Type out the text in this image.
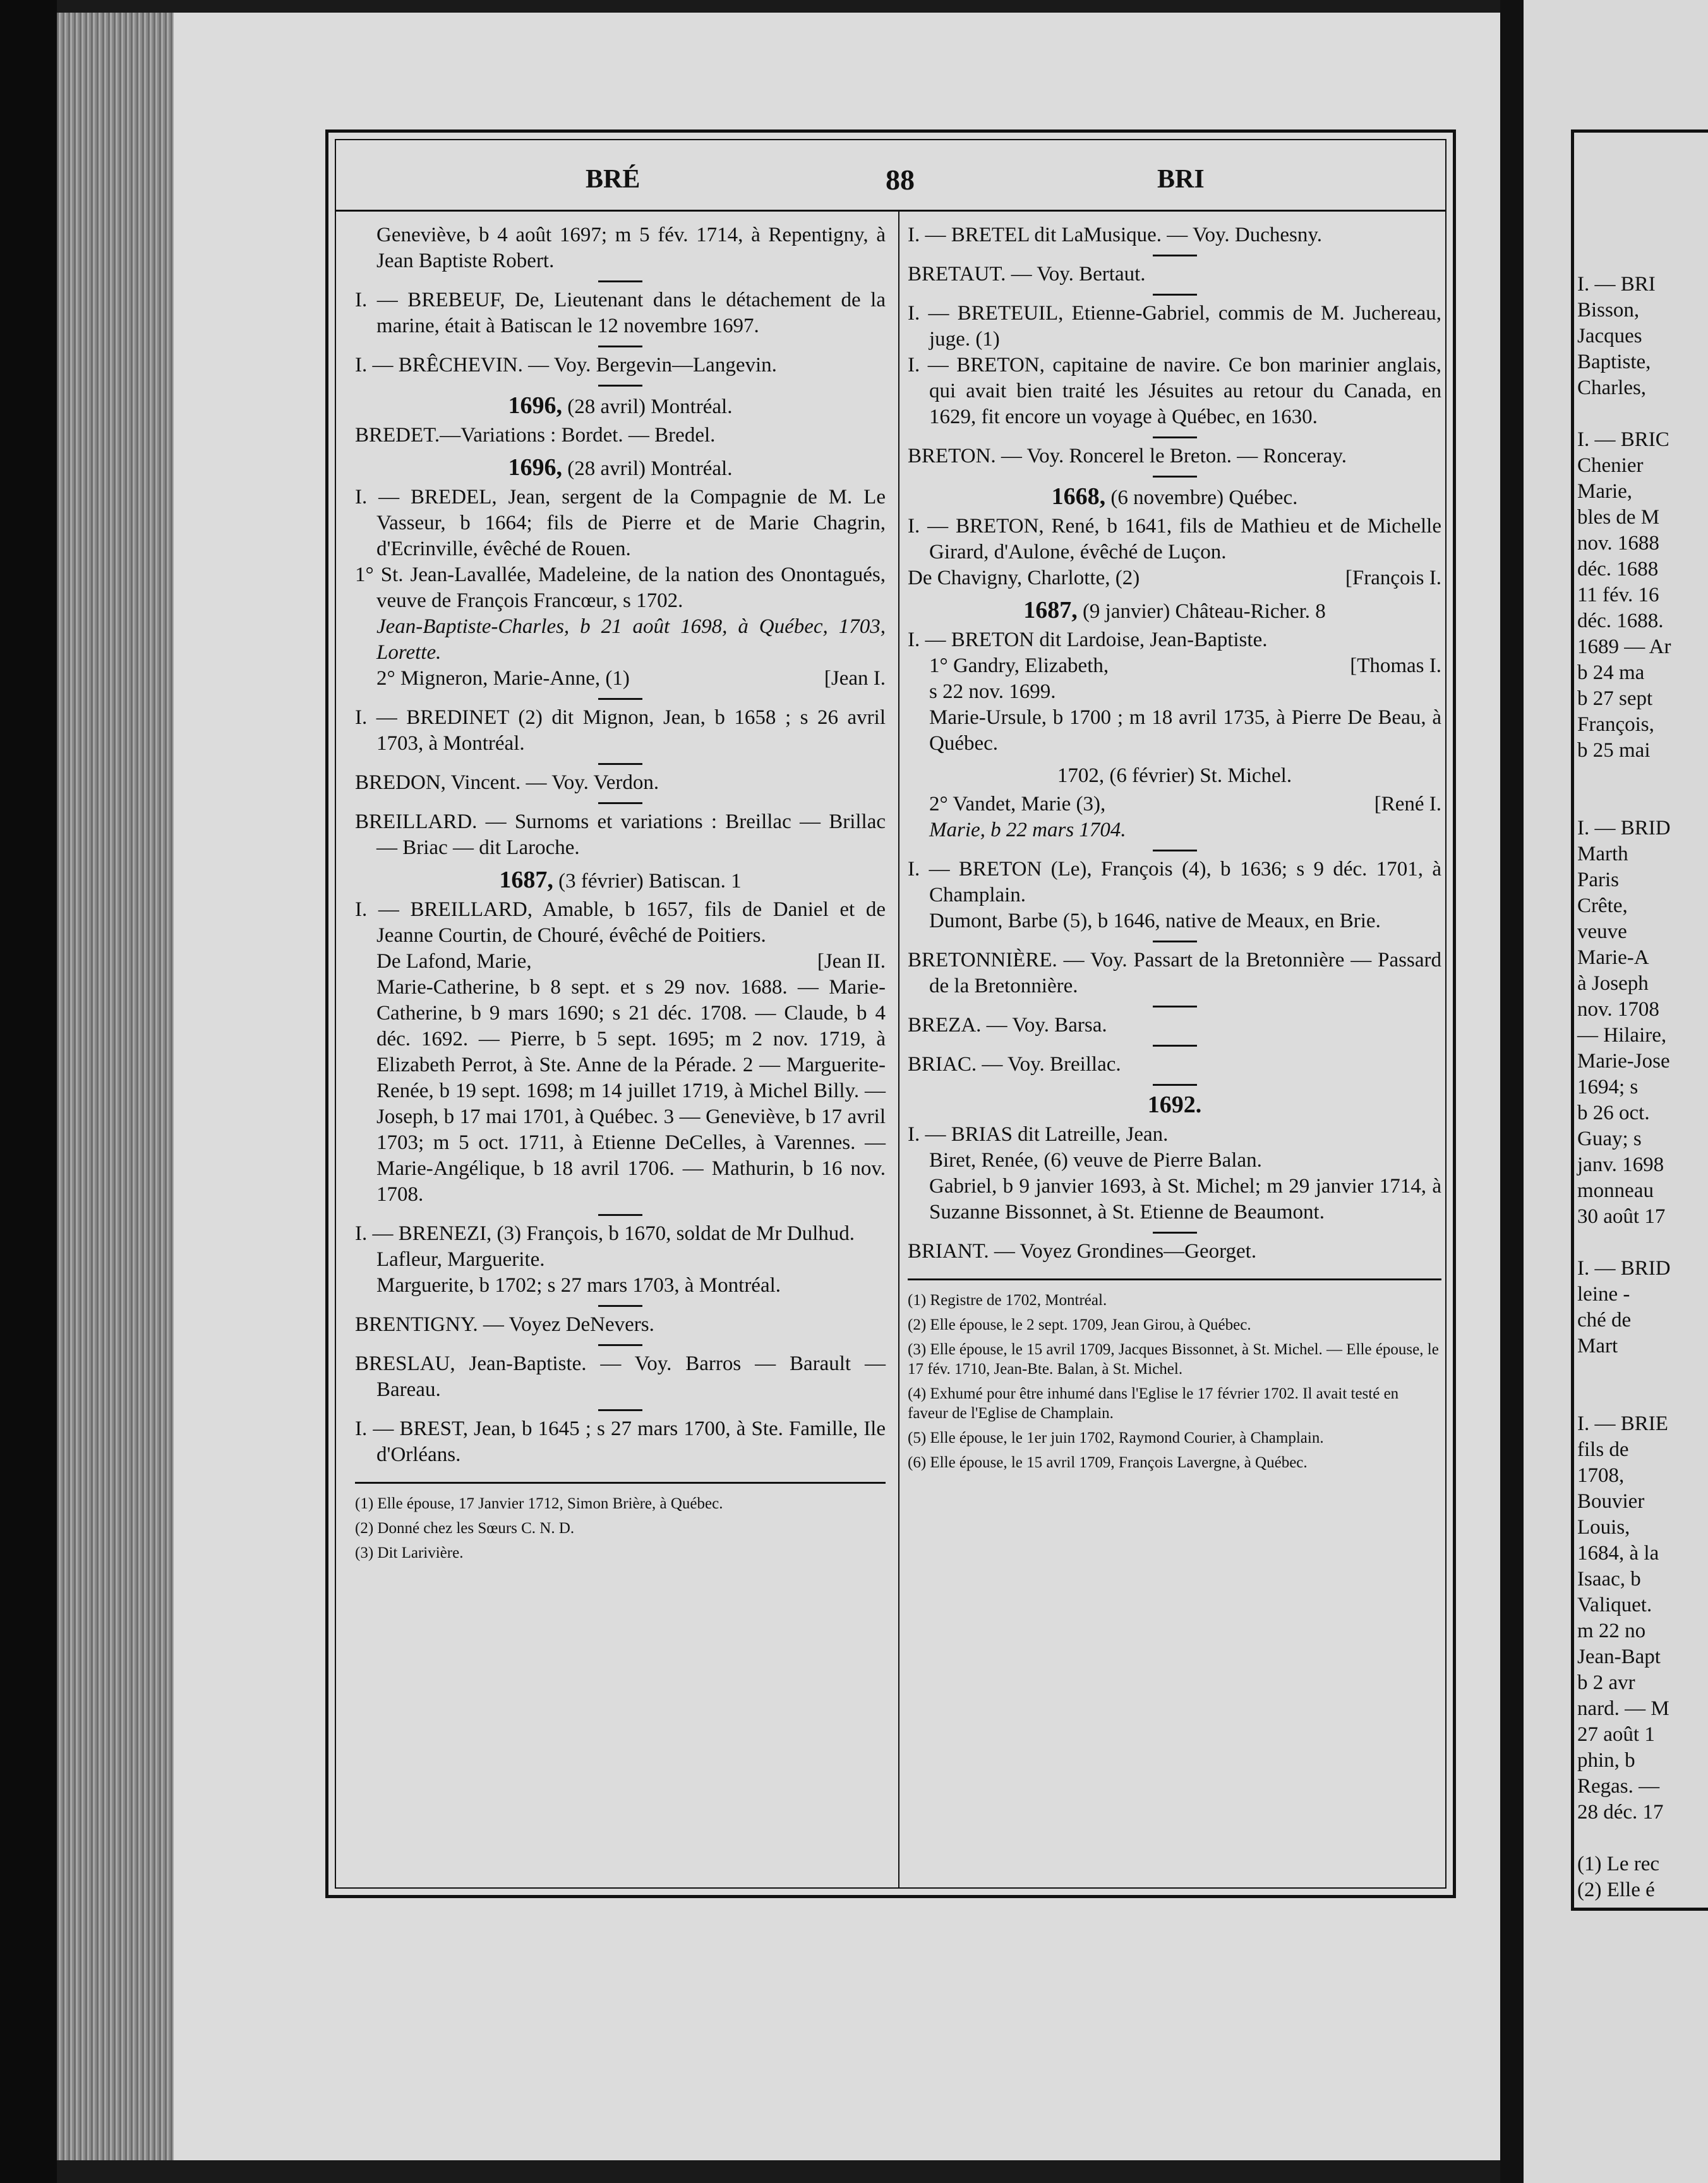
I. — BRI
Bisson,
Jacques
Baptiste,
Charles,

I. — BRIC
Chenier
Marie,
bles de M
nov. 1688
déc. 1688
11 fév. 16
déc. 1688.
1689 — Ar
b 24 ma
b 27 sept
François,
b 25 mai

I. — BRID
Marth
Paris
Crête,
veuve
Marie-A
à Joseph
nov. 1708
— Hilaire,
Marie-Jose
1694; s
b 26 oct.
Guay; s
janv. 1698
monneau
30 août 17

I. — BRID
leine -
ché de
Mart

I. — BRIE
fils de
1708,
Bouvier
Louis,
1684, à la
Isaac, b
Valiquet.
m 22 no
Jean-Bapt
b 2 avr
nard. — M
27 août 1
phin, b
Regas. —
28 déc. 17

(1) Le rec
(2) Elle é
BRÉ	88	BRI

Geneviève, b 4 août 1697; m 5 fév. 1714, à Repentigny, à Jean Baptiste Robert.

I. — BREBEUF, De, Lieutenant dans le détachement de la marine, était à Batiscan le 12 novembre 1697.

I. — BRÊCHEVIN. — Voy. Bergevin—Langevin.

1696, (28 avril) Montréal.

BREDET.—Variations : Bordet. — Bredel.

1696, (28 avril) Montréal.

I. — BREDEL, Jean, sergent de la Compagnie de M. Le Vasseur, b 1664; fils de Pierre et de Marie Chagrin, d'Ecrinville, évêché de Rouen.

1° St. Jean-Lavallée, Madeleine, de la nation des Onontagués, veuve de François Francœur, s 1702.

Jean-Baptiste-Charles, b 21 août 1698, à Québec, 1703, Lorette.

2° Migneron, Marie-Anne, (1)	[Jean I.

I. — BREDINET (2) dit Mignon, Jean, b 1658 ; s 26 avril 1703, à Montréal.

BREDON, Vincent. — Voy. Verdon.

BREILLARD. — Surnoms et variations : Breillac — Brillac — Briac — dit Laroche.

1687, (3 février) Batiscan. 1

I. — BREILLARD, Amable, b 1657, fils de Daniel et de Jeanne Courtin, de Chouré, évêché de Poitiers.

De Lafond, Marie,	[Jean II.

Marie-Catherine, b 8 sept. et s 29 nov. 1688. — Marie-Catherine, b 9 mars 1690; s 21 déc. 1708. — Claude, b 4 déc. 1692. — Pierre, b 5 sept. 1695; m 2 nov. 1719, à Elizabeth Perrot, à Ste. Anne de la Pérade. 2 — Marguerite-Renée, b 19 sept. 1698; m 14 juillet 1719, à Michel Billy. — Joseph, b 17 mai 1701, à Québec. 3 — Geneviève, b 17 avril 1703; m 5 oct. 1711, à Etienne DeCelles, à Varennes. — Marie-Angélique, b 18 avril 1706. — Mathurin, b 16 nov. 1708.

I. — BRENEZI, (3) François, b 1670, soldat de Mr Dulhud.

Lafleur, Marguerite.

Marguerite, b 1702; s 27 mars 1703, à Montréal.

BRENTIGNY. — Voyez DeNevers.

BRESLAU, Jean-Baptiste. — Voy. Barros — Barault — Bareau.

I. — BREST, Jean, b 1645 ; s 27 mars 1700, à Ste. Famille, Ile d'Orléans.

(1) Elle épouse, 17 Janvier 1712, Simon Brière, à Québec.

(2) Donné chez les Sœurs C. N. D.

(3) Dit Larivière.

I. — BRETEL dit LaMusique. — Voy. Duchesny.

BRETAUT. — Voy. Bertaut.

I. — BRETEUIL, Etienne-Gabriel, commis de M. Juchereau, juge. (1)

I. — BRETON, capitaine de navire. Ce bon marinier anglais, qui avait bien traité les Jésuites au retour du Canada, en 1629, fit encore un voyage à Québec, en 1630.

BRETON. — Voy. Roncerel le Breton. — Ronceray.

1668, (6 novembre) Québec.

I. — BRETON, René, b 1641, fils de Mathieu et de Michelle Girard, d'Aulone, évêché de Luçon.

De Chavigny, Charlotte, (2)	[François I.

1687, (9 janvier) Château-Richer. 8

I. — BRETON dit Lardoise, Jean-Baptiste.

1° Gandry, Elizabeth,	[Thomas I.

s 22 nov. 1699.

Marie-Ursule, b 1700 ; m 18 avril 1735, à Pierre De Beau, à Québec.

1702, (6 février) St. Michel.

2° Vandet, Marie (3),	[René I.

Marie, b 22 mars 1704.

I. — BRETON (Le), François (4), b 1636; s 9 déc. 1701, à Champlain.

Dumont, Barbe (5), b 1646, native de Meaux, en Brie.

BRETONNIÈRE. — Voy. Passart de la Bretonnière — Passard de la Bretonnière.

BREZA. — Voy. Barsa.

BRIAC. — Voy. Breillac.

1692.

I. — BRIAS dit Latreille, Jean.

Biret, Renée, (6) veuve de Pierre Balan.

Gabriel, b 9 janvier 1693, à St. Michel; m 29 janvier 1714, à Suzanne Bissonnet, à St. Etienne de Beaumont.

BRIANT. — Voyez Grondines—Georget.

(1) Registre de 1702, Montréal.

(2) Elle épouse, le 2 sept. 1709, Jean Girou, à Québec.

(3) Elle épouse, le 15 avril 1709, Jacques Bissonnet, à St. Michel. — Elle épouse, le 17 fév. 1710, Jean-Bte. Balan, à St. Michel.

(4) Exhumé pour être inhumé dans l'Eglise le 17 février 1702. Il avait testé en faveur de l'Eglise de Champlain.

(5) Elle épouse, le 1er juin 1702, Raymond Courier, à Champlain.

(6) Elle épouse, le 15 avril 1709, François Lavergne, à Québec.
